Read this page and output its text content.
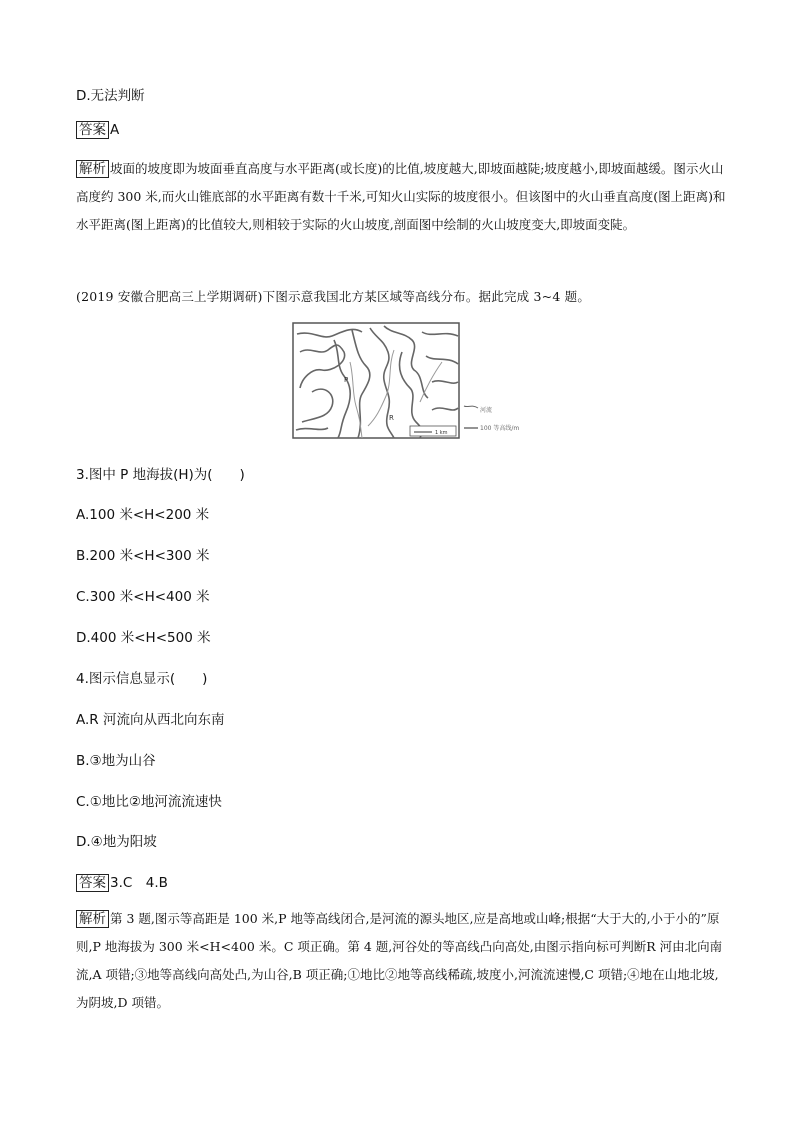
D.无法判断
答案 A
解析 坡面的坡度即为坡面垂直高度与水平距离(或长度)的比值,坡度越大,即坡面越陡;坡度越小,即坡面越缓。图示火山高度约 300 米,而火山锥底部的水平距离有数十千米,可知火山实际的坡度很小。但该图中的火山垂直高度(图上距离)和水平距离(图上距离)的比值较大,则相较于实际的火山坡度,剖面图中绘制的火山坡度变大,即坡面变陡。
(2019 安徽合肥高三上学期调研)下图示意我国北方某区域等高线分布。据此完成 3~4 题。
P
R
1 km
河流
100 等高线/m
3.图中 P 地海拔(H)为(　　)
A.100 米<H<200 米
B.200 米<H<300 米
C.300 米<H<400 米
D.400 米<H<500 米
4.图示信息显示(　　)
A.R 河流向从西北向东南
B.③地为山谷
C.①地比②地河流流速快
D.④地为阳坡
答案 3.C　4.B
解析 第 3 题,图示等高距是 100 米,P 地等高线闭合,是河流的源头地区,应是高地或山峰;根据“大于大的,小于小的”原则,P 地海拔为 300 米<H<400 米。C 项正确。第 4 题,河谷处的等高线凸向高处,由图示指向标可判断R 河由北向南流,A 项错;③地等高线向高处凸,为山谷,B 项正确;①地比②地等高线稀疏,坡度小,河流流速慢,C 项错;④地在山地北坡,为阴坡,D 项错。
